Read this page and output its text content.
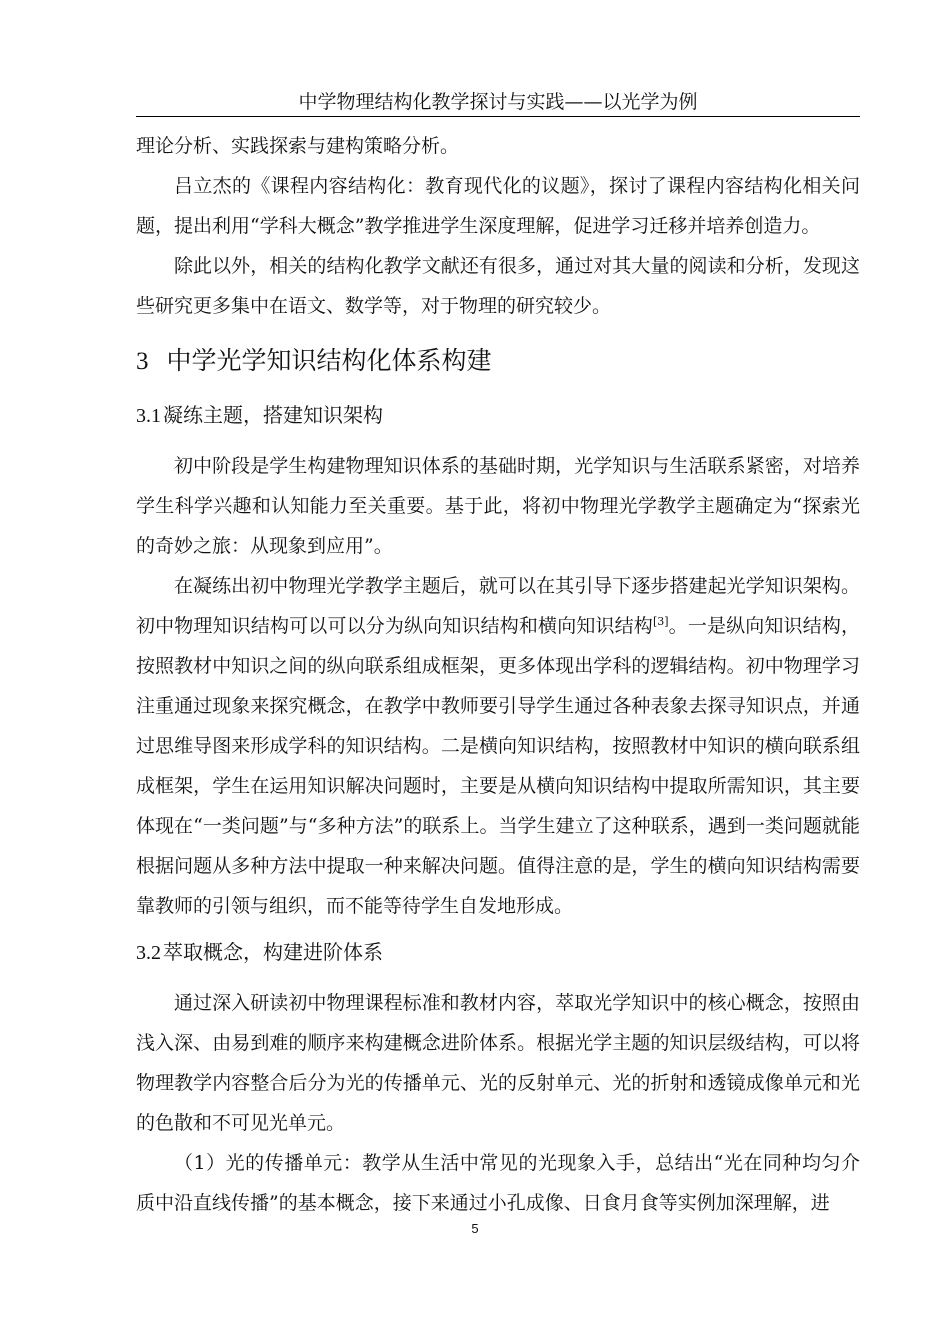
中学物理结构化教学探讨与实践——以光学为例

理论分析、实践探索与建构策略分析。

吕立杰的《课程内容结构化：教育现代化的议题》，探讨了课程内容结构化相关问题，提出利用“学科大概念”教学推进学生深度理解，促进学习迁移并培养创造力。

除此以外，相关的结构化教学文献还有很多，通过对其大量的阅读和分析，发现这些研究更多集中在语文、数学等，对于物理的研究较少。

3 中学光学知识结构化体系构建
3.1 凝练主题，搭建知识架构

初中阶段是学生构建物理知识体系的基础时期，光学知识与生活联系紧密，对培养学生科学兴趣和认知能力至关重要。基于此，将初中物理光学教学主题确定为“探索光的奇妙之旅：从现象到应用”。

在凝练出初中物理光学教学主题后，就可以在其引导下逐步搭建起光学知识架构。初中物理知识结构可以可以分为纵向知识结构和横向知识结构[3]。一是纵向知识结构，按照教材中知识之间的纵向联系组成框架，更多体现出学科的逻辑结构。初中物理学习注重通过现象来探究概念，在教学中教师要引导学生通过各种表象去探寻知识点，并通过思维导图来形成学科的知识结构。二是横向知识结构，按照教材中知识的横向联系组成框架，学生在运用知识解决问题时，主要是从横向知识结构中提取所需知识，其主要体现在“一类问题”与“多种方法”的联系上。当学生建立了这种联系，遇到一类问题就能根据问题从多种方法中提取一种来解决问题。值得注意的是，学生的横向知识结构需要靠教师的引领与组织，而不能等待学生自发地形成。

3.2 萃取概念，构建进阶体系

通过深入研读初中物理课程标准和教材内容，萃取光学知识中的核心概念，按照由浅入深、由易到难的顺序来构建概念进阶体系。根据光学主题的知识层级结构，可以将物理教学内容整合后分为光的传播单元、光的反射单元、光的折射和透镜成像单元和光的色散和不可见光单元。

（1）光的传播单元：教学从生活中常见的光现象入手，总结出“光在同种均匀介质中沿直线传播”的基本概念，接下来通过小孔成像、日食月食等实例加深理解，进

5
